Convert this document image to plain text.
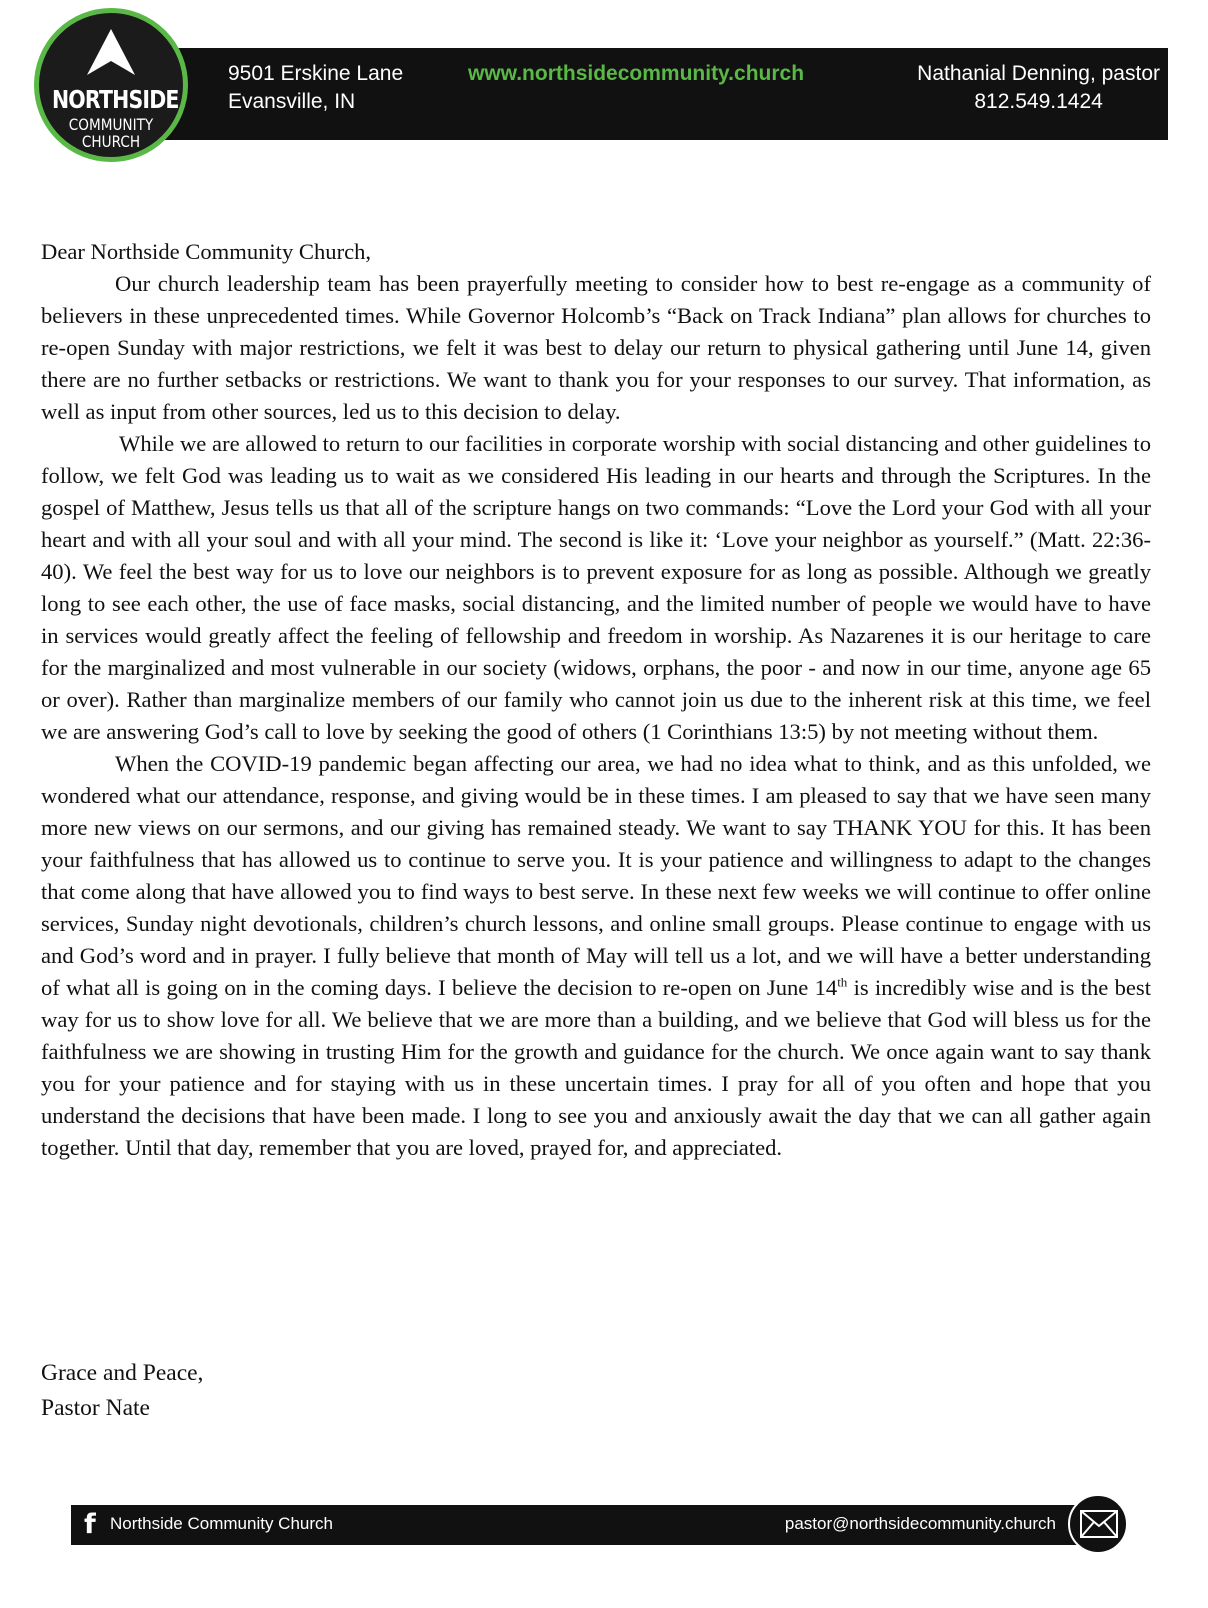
NORTHSIDE
COMMUNITY
CHURCH
9501 Erskine Lane
Evansville, IN
www.northsidecommunity.church	Nathanial Denning, pastor
812.549.1424

Dear Northside Community Church,

Our church leadership team has been prayerfully meeting to consider how to best re-engage as a community of believers in these unprecedented times. While Governor Holcomb’s “Back on Track Indiana” plan allows for churches to re-open Sunday with major restrictions, we felt it was best to delay our return to physical gathering until June 14, given there are no further setbacks or restrictions. We want to thank you for your responses to our survey. That information, as well as input from other sources, led us to this decision to delay.

While we are allowed to return to our facilities in corporate worship with social distancing and other guidelines to follow, we felt God was leading us to wait as we considered His leading in our hearts and through the Scriptures. In the gospel of Matthew, Jesus tells us that all of the scripture hangs on two commands: “Love the Lord your God with all your heart and with all your soul and with all your mind. The second is like it: ‘Love your neighbor as yourself.” (Matt. 22:36-40). We feel the best way for us to love our neighbors is to prevent exposure for as long as possible. Although we greatly long to see each other, the use of face masks, social distancing, and the limited number of people we would have to have in services would greatly affect the feeling of fellowship and freedom in worship. As Nazarenes it is our heritage to care for the marginalized and most vulnerable in our society (widows, orphans, the poor - and now in our time, anyone age 65 or over). Rather than marginalize members of our family who cannot join us due to the inherent risk at this time, we feel we are answering God’s call to love by seeking the good of others (1 Corinthians 13:5) by not meeting without them.

When the COVID-19 pandemic began affecting our area, we had no idea what to think, and as this unfolded, we wondered what our attendance, response, and giving would be in these times. I am pleased to say that we have seen many more new views on our sermons, and our giving has remained steady. We want to say THANK YOU for this. It has been your faithfulness that has allowed us to continue to serve you. It is your patience and willingness to adapt to the changes that come along that have allowed you to find ways to best serve. In these next few weeks we will continue to offer online services, Sunday night devotionals, children’s church lessons, and online small groups. Please continue to engage with us and God’s word and in prayer. I fully believe that month of May will tell us a lot, and we will have a better understanding of what all is going on in the coming days. I believe the decision to re-open on June 14th is incredibly wise and is the best way for us to show love for all. We believe that we are more than a building, and we believe that God will bless us for the faithfulness we are showing in trusting Him for the growth and guidance for the church. We once again want to say thank you for your patience and for staying with us in these uncertain times. I pray for all of you often and hope that you understand the decisions that have been made. I long to see you and anxiously await the day that we can all gather again together. Until that day, remember that you are loved, prayed for, and appreciated.

Grace and Peace,
Pastor Nate
f Northside Community Church	pastor@northsidecommunity.church
